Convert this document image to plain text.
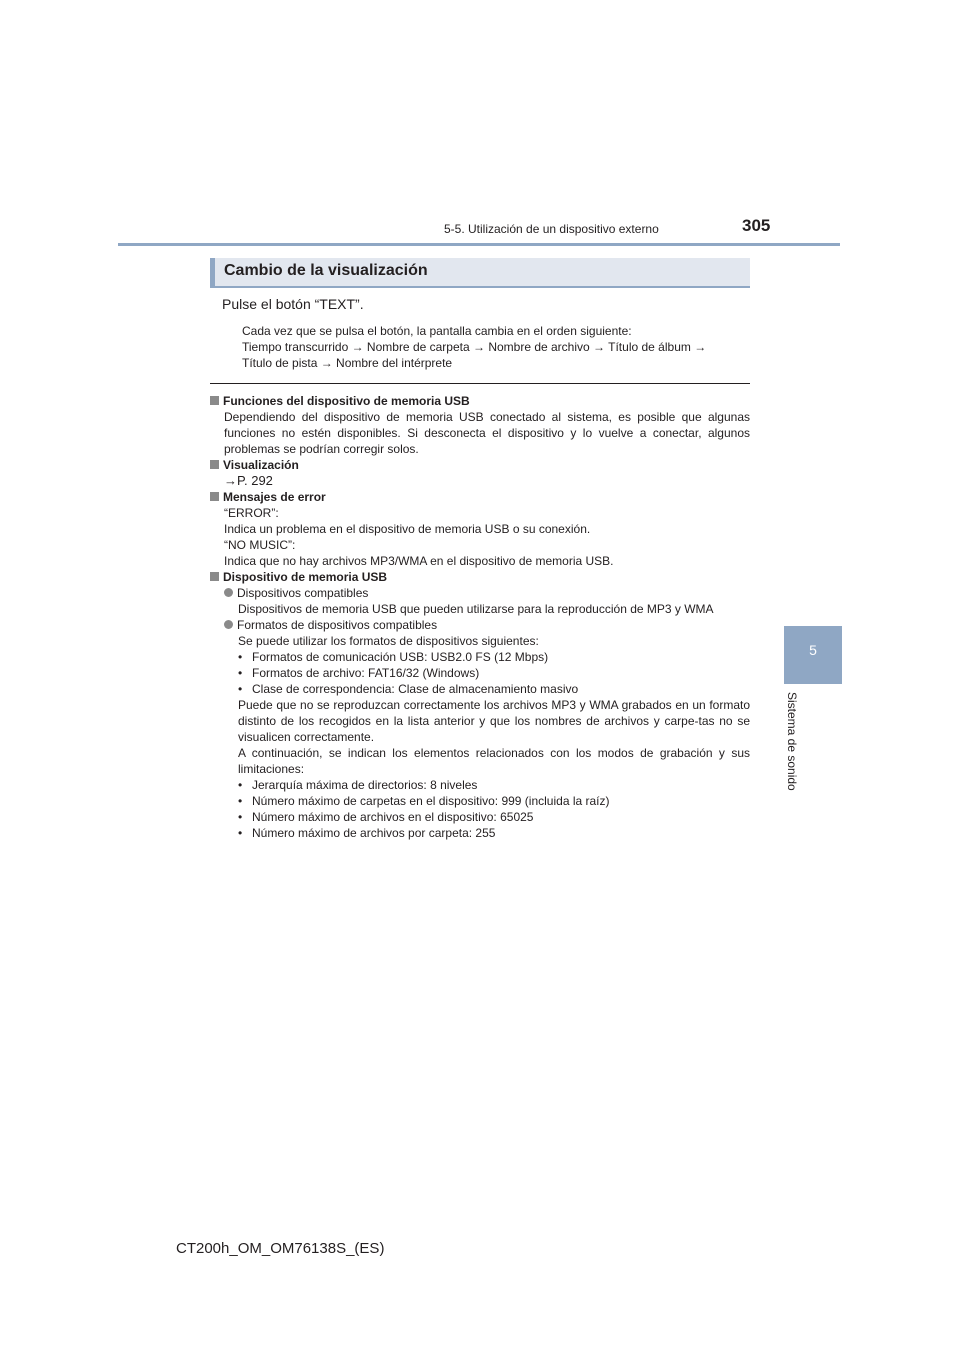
5-5. Utilización de un dispositivo externo	305
5
Sistema de sonido
Cambio de la visualización
Pulse el botón “TEXT”.
Cada vez que se pulsa el botón, la pantalla cambia en el orden siguiente:
Tiempo transcurrido → Nombre de carpeta → Nombre de archivo → Título de álbum →
Título de pista → Nombre del intérprete

Funciones del dispositivo de memoria USB

Dependiendo del dispositivo de memoria USB conectado al sistema, es posible que algunas funciones no estén disponibles. Si desconecta el dispositivo y lo vuelve a conectar, algunos problemas se podrían corregir solos.

Visualización

→P. 292

Mensajes de error

“ERROR”:

Indica un problema en el dispositivo de memoria USB o su conexión.

“NO MUSIC”:

Indica que no hay archivos MP3/WMA en el dispositivo de memoria USB.

Dispositivo de memoria USB

Dispositivos compatibles

Dispositivos de memoria USB que pueden utilizarse para la reproducción de MP3 y WMA

Formatos de dispositivos compatibles

Se puede utilizar los formatos de dispositivos siguientes:

• Formatos de comunicación USB: USB2.0 FS (12 Mbps)

• Formatos de archivo: FAT16/32 (Windows)

• Clase de correspondencia: Clase de almacenamiento masivo

Puede que no se reproduzcan correctamente los archivos MP3 y WMA grabados en un formato distinto de los recogidos en la lista anterior y que los nombres de archivos y carpe-tas no se visualicen correctamente.

A continuación, se indican los elementos relacionados con los modos de grabación y sus limitaciones:

• Jerarquía máxima de directorios: 8 niveles

• Número máximo de carpetas en el dispositivo: 999 (incluida la raíz)

• Número máximo de archivos en el dispositivo: 65025

• Número máximo de archivos por carpeta: 255

CT200h_OM_OM76138S_(ES)
